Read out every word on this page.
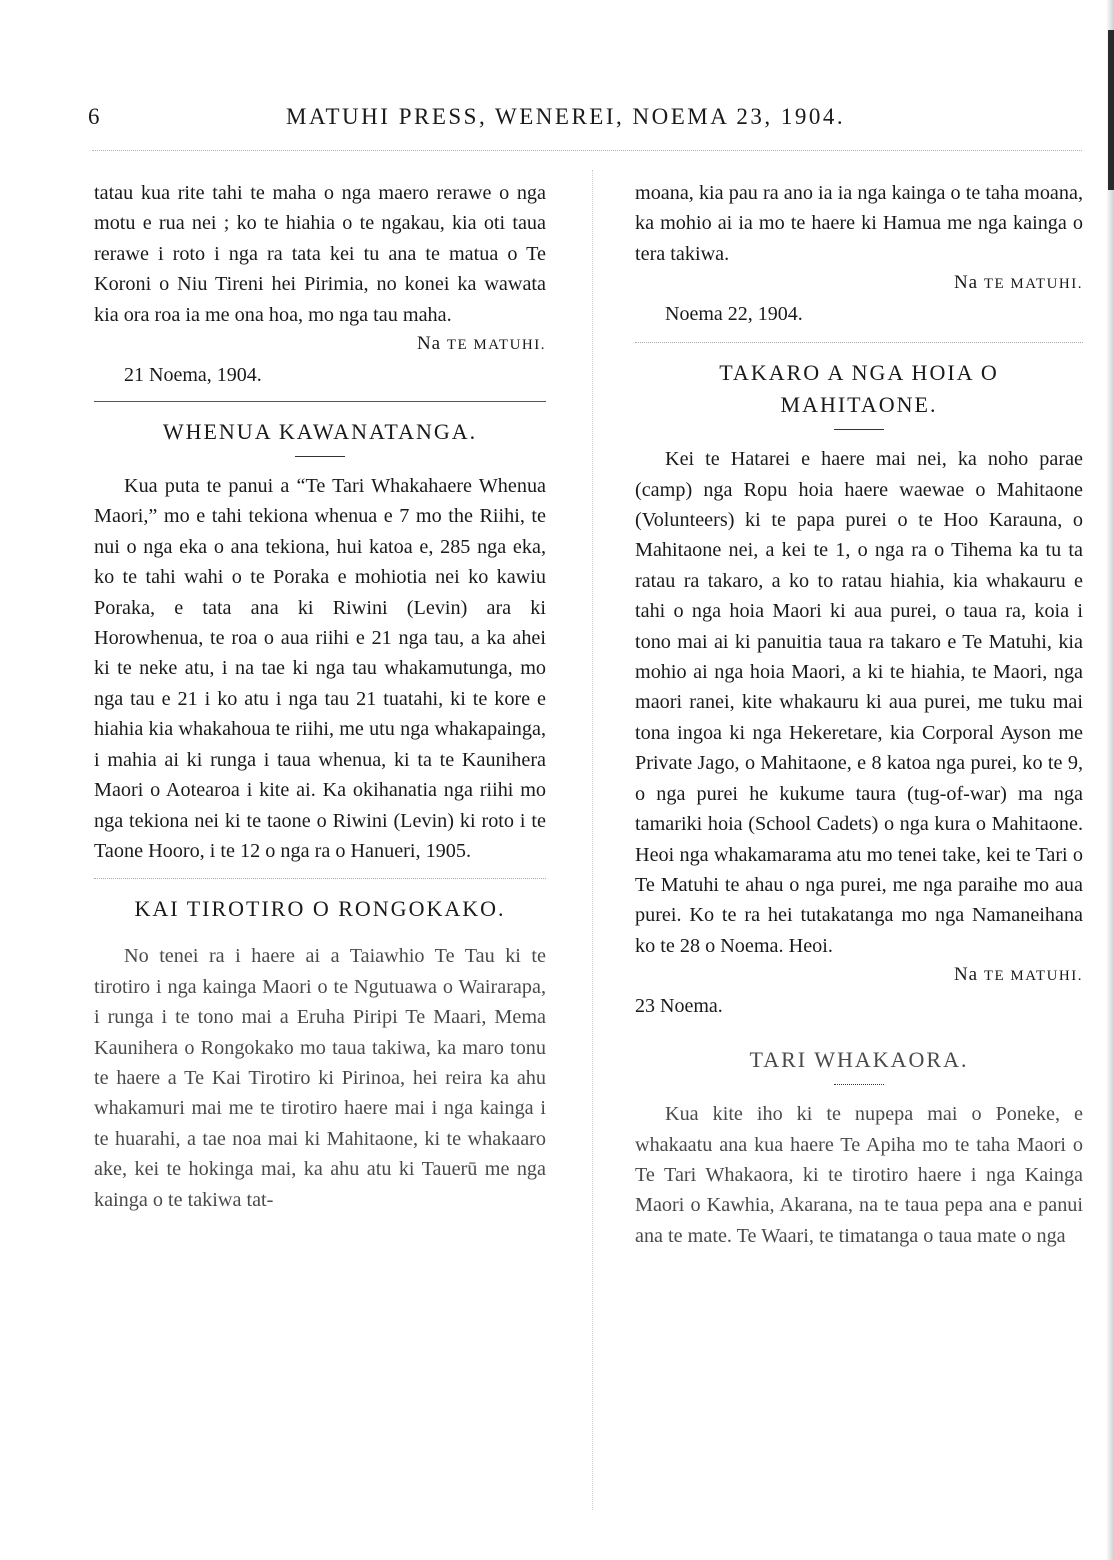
6	MATUHI PRESS, WENEREI, NOEMA 23, 1904.

tatau kua rite tahi te maha o nga maero rerawe o nga motu e rua nei ; ko te hiahia o te ngakau, kia oti taua rerawe i roto i nga ra tata kei tu ana te matua o Te Koroni o Niu Tireni hei Pirimia, no konei ka wawata kia ora roa ia me ona hoa, mo nga tau maha.

Na TE MATUHI.

21 Noema, 1904.

WHENUA KAWANATANGA.

Kua puta te panui a “Te Tari Whakahaere Whenua Maori,” mo e tahi tekiona whenua e 7 mo the Riihi, te nui o nga eka o ana tekiona, hui katoa e, 285 nga eka, ko te tahi wahi o te Poraka e mohiotia nei ko kawiu Poraka, e tata ana ki Riwini (Levin) ara ki Horowhenua, te roa o aua riihi e 21 nga tau, a ka ahei ki te neke atu, i na tae ki nga tau whakamutunga, mo nga tau e 21 i ko atu i nga tau 21 tuatahi, ki te kore e hiahia kia whakahoua te riihi, me utu nga whakapainga, i mahia ai ki runga i taua whenua, ki ta te Kaunihera Maori o Aotearoa i kite ai. Ka okihanatia nga riihi mo nga tekiona nei ki te taone o Riwini (Levin) ki roto i te Taone Hooro, i te 12 o nga ra o Hanueri, 1905.

KAI TIROTIRO O RONGOKAKO.

No tenei ra i haere ai a Taiawhio Te Tau ki te tirotiro i nga kainga Maori o te Ngutuawa o Wairarapa, i runga i te tono mai a Eruha Piripi Te Maari, Mema Kaunihera o Rongokako mo taua takiwa, ka maro tonu te haere a Te Kai Tirotiro ki Pirinoa, hei reira ka ahu whakamuri mai me te tirotiro haere mai i nga kainga i te huarahi, a tae noa mai ki Mahitaone, ki te whakaaro ake, kei te hokinga mai, ka ahu atu ki Tauerū me nga kainga o te takiwa tat-

moana, kia pau ra ano ia ia nga kainga o te taha moana, ka mohio ai ia mo te haere ki Hamua me nga kainga o tera takiwa.

Na TE MATUHI.

Noema 22, 1904.

TAKARO A NGA HOIA O
MAHITAONE.

Kei te Hatarei e haere mai nei, ka noho parae (camp) nga Ropu hoia haere waewae o Mahitaone (Volunteers) ki te papa purei o te Hoo Karauna, o Mahitaone nei, a kei te 1, o nga ra o Tihema ka tu ta ratau ra takaro, a ko to ratau hiahia, kia whakauru e tahi o nga hoia Maori ki aua purei, o taua ra, koia i tono mai ai ki panuitia taua ra takaro e Te Matuhi, kia mohio ai nga hoia Maori, a ki te hiahia, te Maori, nga maori ranei, kite whakauru ki aua purei, me tuku mai tona ingoa ki nga Hekeretare, kia Corporal Ayson me Private Jago, o Mahitaone, e 8 katoa nga purei, ko te 9, o nga purei he kukume taura (tug-of-war) ma nga tamariki hoia (School Cadets) o nga kura o Mahitaone. Heoi nga whakamarama atu mo tenei take, kei te Tari o Te Matuhi te ahau o nga purei, me nga paraihe mo aua purei. Ko te ra hei tutakatanga mo nga Namaneihana ko te 28 o Noema. Heoi.

Na TE MATUHI.

23 Noema.

TARI WHAKAORA.

Kua kite iho ki te nupepa mai o Poneke, e whakaatu ana kua haere Te Apiha mo te taha Maori o Te Tari Whakaora, ki te tirotiro haere i nga Kainga Maori o Kawhia, Akarana, na te taua pepa ana e panui ana te mate. Te Waari, te timatanga o taua mate o nga
